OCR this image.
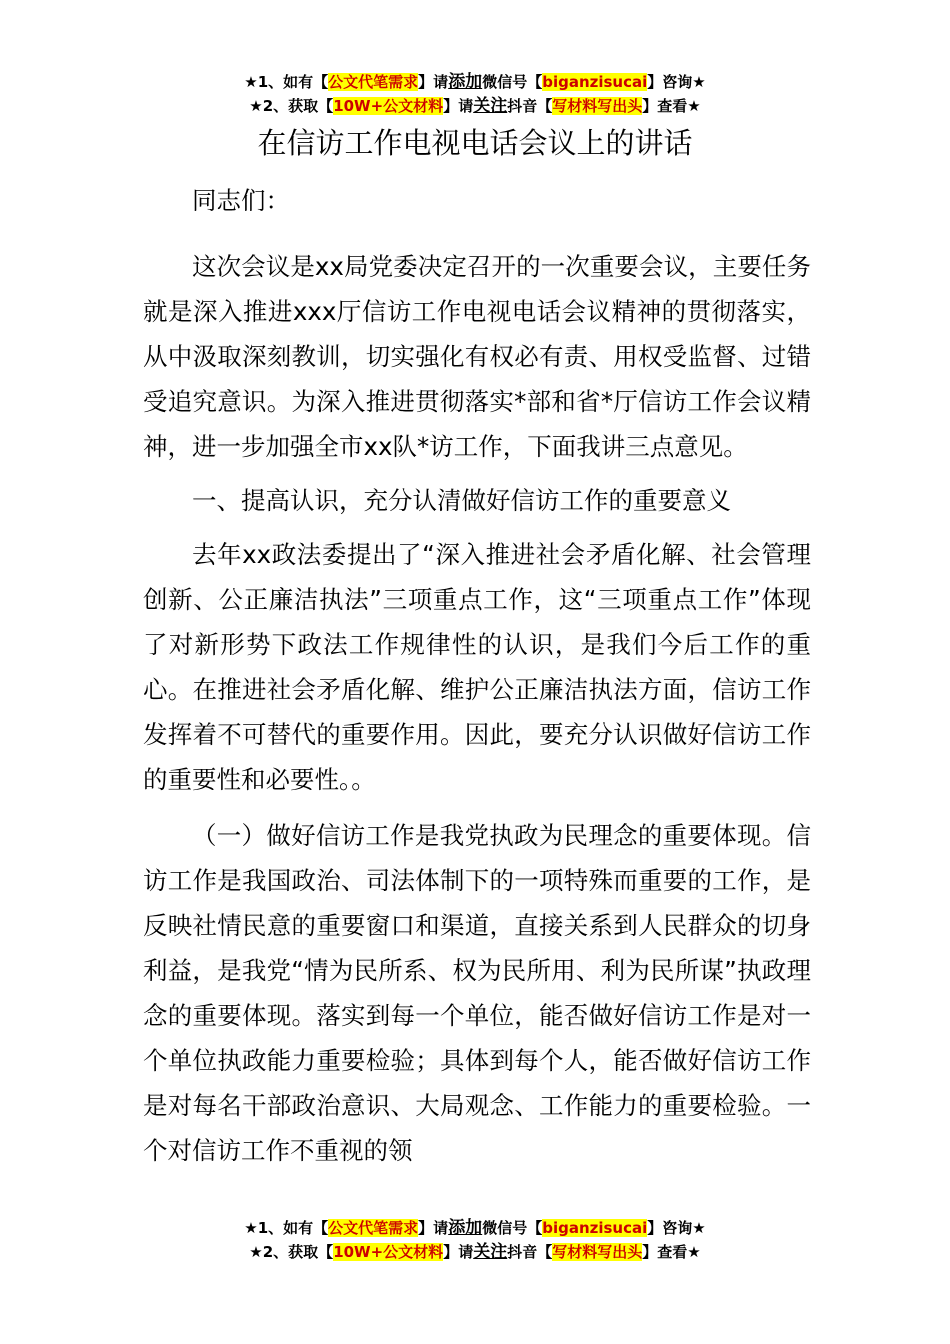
★1、如有【公文代笔需求】请添加微信号【biganzisucai】咨询★
★2、获取【10W+公文材料】请关注抖音【写材料写出头】查看★
在信访工作电视电话会议上的讲话

同志们：

这次会议是xx局党委决定召开的一次重要会议，主要任务就是深入推进xxx厅信访工作电视电话会议精神的贯彻落实，从中汲取深刻教训，切实强化有权必有责、用权受监督、过错受追究意识。为深入推进贯彻落实*部和省*厅信访工作会议精神，进一步加强全市xx队*访工作，下面我讲三点意见。

一、提高认识，充分认清做好信访工作的重要意义

去年xx政法委提出了“深入推进社会矛盾化解、社会管理创新、公正廉洁执法”三项重点工作，这“三项重点工作”体现了对新形势下政法工作规律性的认识，是我们今后工作的重心。在推进社会矛盾化解、维护公正廉洁执法方面，信访工作发挥着不可替代的重要作用。因此，要充分认识做好信访工作的重要性和必要性。。

（一）做好信访工作是我党执政为民理念的重要体现。信访工作是我国政治、司法体制下的一项特殊而重要的工作，是反映社情民意的重要窗口和渠道，直接关系到人民群众的切身利益，是我党“情为民所系、权为民所用、利为民所谋”执政理念的重要体现。落实到每一个单位，能否做好信访工作是对一个单位执政能力重要检验；具体到每个人，能否做好信访工作是对每名干部政治意识、大局观念、工作能力的重要检验。一个对信访工作不重视的领

★1、如有【公文代笔需求】请添加微信号【biganzisucai】咨询★
★2、获取【10W+公文材料】请关注抖音【写材料写出头】查看★
